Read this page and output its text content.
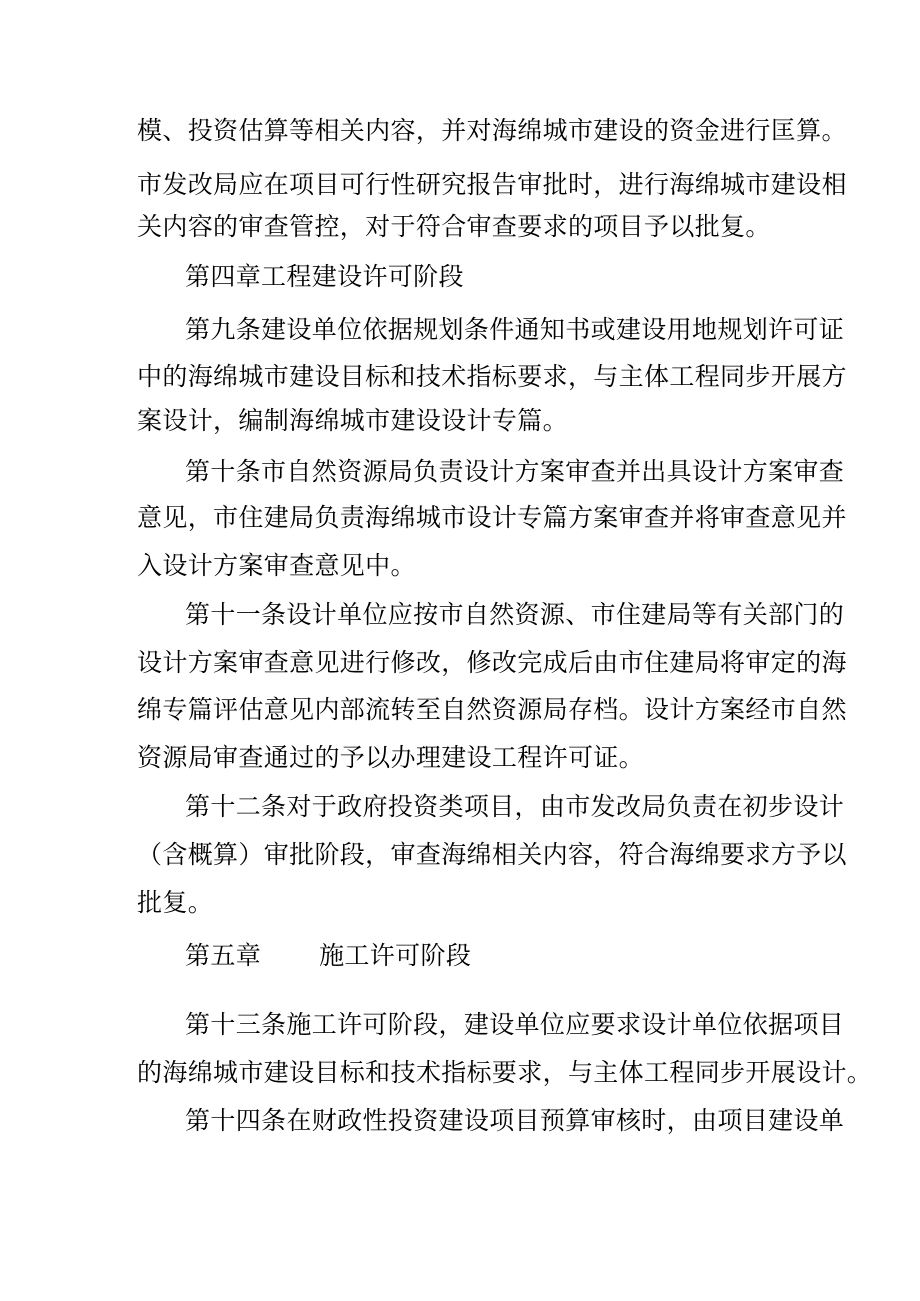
模、投资估算等相关内容，并对海绵城市建设的资金进行匡算。

市发改局应在项目可行性研究报告审批时，进行海绵城市建设相

关内容的审查管控，对于符合审查要求的项目予以批复。

第四章工程建设许可阶段

第九条建设单位依据规划条件通知书或建设用地规划许可证

中的海绵城市建设目标和技术指标要求，与主体工程同步开展方

案设计，编制海绵城市建设设计专篇。

第十条市自然资源局负责设计方案审查并出具设计方案审查

意见，市住建局负责海绵城市设计专篇方案审查并将审查意见并

入设计方案审查意见中。

第十一条设计单位应按市自然资源、市住建局等有关部门的

设计方案审查意见进行修改，修改完成后由市住建局将审定的海

绵专篇评估意见内部流转至自然资源局存档。设计方案经市自然

资源局审查通过的予以办理建设工程许可证。

第十二条对于政府投资类项目，由市发改局负责在初步设计

（含概算）审批阶段，审查海绵相关内容，符合海绵要求方予以

批复。

第五章 施工许可阶段

第十三条施工许可阶段，建设单位应要求设计单位依据项目

的海绵城市建设目标和技术指标要求，与主体工程同步开展设计。

第十四条在财政性投资建设项目预算审核时，由项目建设单
